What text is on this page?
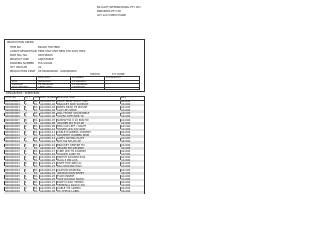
BK LIGHT INTERNATIONAL PTY. LTD.
BREAKERS PTY LTD
LOT 1A3 COMEX HAWK
PRODUCTION ORDER
ITEM NO	BK-LED TOP-T8PR
CLIENT DESCRIPTION T8PR SHLF UNIT NEW STD 2020 TRES
PART NO./ NO.	00074B300
PRODUCT LINE	ADJUSTABLE
DRAWING NUMBER TDU-00190
QTY ON PLAN	24
PRODUCTION START 03.0000000000 - 0000000000
STATUS:	P O DONE
PROCESS	PLANNED	PLASMACUT
W-8	00000000	22.000000
DEBURR	22.0000000	22.0000000
QUALITY INS.	APPR-1000	A0000000
DESIGN BOM - PAPER BOM
ITEM NO	QTY UOM PART NUMBER
DESCRIPTION	REV
000000001 1	EA A0-0000-01 PLATE BASE SHELF UNIT	A0-000
000000002 2	EA A0-0000-02 BRACKET SIDE SUPPORT	A0-000
000000003 1	EA A0-0000-03 PANEL REAR T8 MOUNT	A0-000
000000004 4	EA A0-0000-04 CLIP LED STRIP	A0-000
000000005 2	EA A0-0000-05 RAIL FRONT ADJUSTABLE	A0-000
000000006 1	EA A0-0000-06 COVER DIFFUSER T8	A0-000
000000007 8	EA A0-0000-07 SCREW M4 X 10 PAN HD	A0-000
000000008 8	EA A0-0000-08 WASHER M4 FLAT ZP	A0-000
000000009 2	EA A0-0000-09 END CAP LEFT / RIGHT	A0-000
000000010 1	EA A0-0000-10 DRIVER LED 24V 60W	A0-000
000000011 1	EA A0-0000-11 CABLE HARNESS 1500MM	A0-000
000000012 2	EA A0-0000-12 GROMMET RUBBER 8MM	A0-000
000000013 1	EA A0-0000-13 LABEL RATING PLATE	A0-000
000000014 4	EA A0-0000-14 NUT M4 NYLOC ZP	A0-000
000000015 1	EA A0-0000-15 BRACKET CENTRE FIX	A0-000
000000016 2	EA A0-0000-16 SPACER NYLON 6MM	A0-000
000000017 1	EA A0-0000-17 TUBE LED T8 1200MM	A0-000
000000018 2	EA A0-0000-18 HOLDER LAMP T8	A0-000
000000019 1	EA A0-0000-19 SWITCH ROCKER IP44	A0-000
000000020 1	EA A0-0000-20 PLUG 3 PIN AUS	A0-000
000000021 6	EA A0-0000-21 RIVET POP 4MM AL	A0-000
000000022 1	EA A0-0000-22 BAG PACKING POLY	A0-000
000000023 1	EA A0-0000-23 CARTON SHIPPING	A0-000
000000024 1	EA A0-0000-24 INSTRUCTION SHEET	A0-000
000000025 1	EA A0-0000-25 FOAM INSERT	A0-000
000000026 2	EA A0-0000-26 TAPE DOUBLE SIDED	A0-000
000000027 1	EA A0-0000-27 EARTH LEAD 300MM	A0-000
000000028 1	EA A0-0000-28 TERMINAL BLOCK 3W	A0-000
000000029 2	EA A0-0000-29 CABLE TIE 100MM	A0-000
000000030 1	EA A0-0000-30 QC CHECK LABEL	A0-000
